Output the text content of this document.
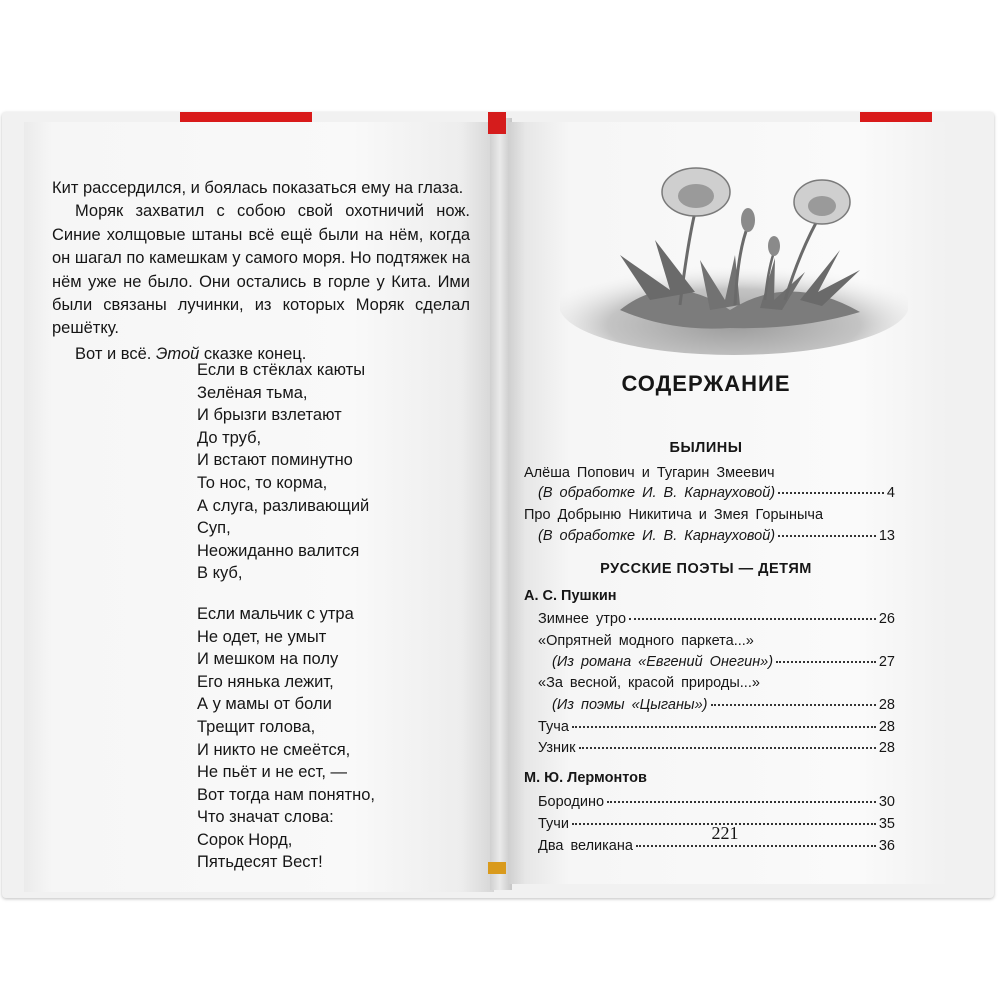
Кит рассердился, и боялась показаться ему на глаза.

Моряк захватил с собою свой охотничий нож. Синие холщовые штаны всё ещё были на нём, когда он шагал по камешкам у самого моря. Но подтяжек на нём уже не было. Они остались в горле у Кита. Ими были связаны лучинки, из которых Моряк сделал решётку.

Вот и всё. Этой сказке конец.

Если в стёклах каюты
Зелёная тьма,
И брызги взлетают
До труб,
И встают поминутно
То нос, то корма,
А слуга, разливающий
Суп,
Неожиданно валится
В куб,
Если мальчик с утра
Не одет, не умыт
И мешком на полу
Его нянька лежит,
А у мамы от боли
Трещит голова,
И никто не смеётся,
Не пьёт и не ест, —
Вот тогда нам понятно,
Что значат слова:
Сорок Норд,
Пятьдесят Вест!
СОДЕРЖАНИЕ
БЫЛИНЫ
Алёша Попович и Тугарин Змеевич
(В обработке И. В. Карнауховой)	4
Про Добрыню Никитича и Змея Горыныча
(В обработке И. В. Карнауховой)	13
РУССКИЕ ПОЭТЫ — ДЕТЯМ

А. С. Пушкин

Зимнее утро	26
«Опрятней модного паркета...»
(Из романа «Евгений Онегин»)	27
«За весной, красой природы...»
(Из поэмы «Цыганы»)	28
Туча	28
Узник	28

М. Ю. Лермонтов

Бородино	30
Тучи	35
Два великана	36

221
